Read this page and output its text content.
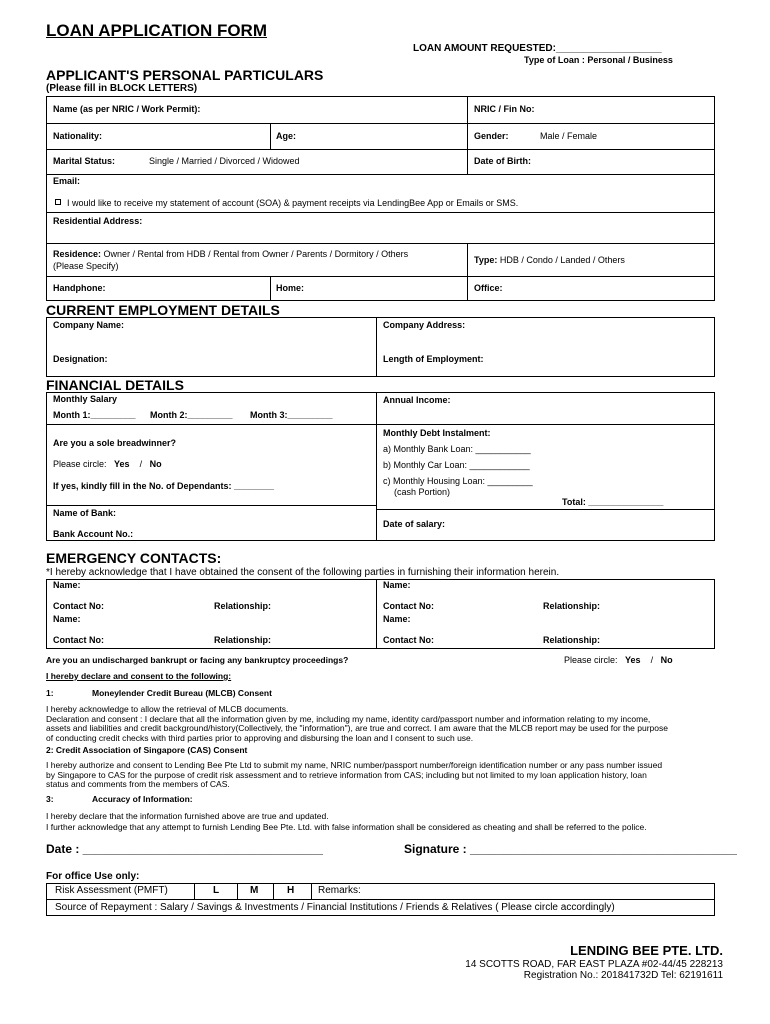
LOAN APPLICATION FORM
LOAN AMOUNT REQUESTED:___________________
Type of Loan : Personal / Business
APPLICANT'S PERSONAL PARTICULARS
(Please fill in BLOCK LETTERS)
Name (as per NRIC / Work Permit):	NRIC / Fin No:
Nationality:	Age:	Gender:	Male / Female
Marital Status:	Single / Married / Divorced / Widowed	Date of Birth:
Email:
I would like to receive my statement of account (SOA) & payment receipts via LendingBee App or Emails or SMS.
Residential Address:
Residence: Owner / Rental from HDB / Rental from Owner / Parents / Dormitory / Others
(Please Specify)
Type: HDB / Condo / Landed / Others
Handphone:	Home:	Office:
CURRENT EMPLOYMENT DETAILS
Company Name:	Company Address:
Designation:	Length of Employment:
FINANCIAL DETAILS
Monthly Salary
Month 1:_________ Month 2:_________ Month 3:_________
Annual Income:
Are you a sole breadwinner?
Please circle: Yes / No
If yes, kindly fill in the No. of Dependants: ________
Monthly Debt Instalment:
a) Monthly Bank Loan: ___________
b) Monthly Car Loan: ____________
c) Monthly Housing Loan: _________
(cash Portion)
Total: _______________
Name of Bank:
Bank Account No.:
Date of salary:
EMERGENCY CONTACTS:
*I hereby acknowledge that I have obtained the consent of the following parties in furnishing their information herein.
Name:	Name:
Contact No:	Relationship:	Contact No:	Relationship:
Name:	Name:
Contact No:	Relationship:	Contact No:	Relationship:
Are you an undischarged bankrupt or facing any bankruptcy proceedings?	Please circle: Yes / No
I hereby declare and consent to the following:
1:	Moneylender Credit Bureau (MLCB) Consent
I hereby acknowledge to allow the retrieval of MLCB documents.
Declaration and consent : I declare that all the information given by me, including my name, identity card/passport number and information relating to my income,
assets and liabilities and credit background/history(Collectively, the "information"), are true and correct. I am aware that the MLCB report may be used for the purpose
of conducting credit checks with third parties prior to approving and disbursing the loan and I consent to such use.
2: Credit Association of Singapore (CAS) Consent
I hereby authorize and consent to Lending Bee Pte Ltd to submit my name, NRIC number/passport number/foreign identification number or any pass number issued
by Singapore to CAS for the purpose of credit risk assessment and to retrieve information from CAS; including but not limited to my loan application history, loan
status and comments from the members of CAS.
3:	Accuracy of Information:
I hereby declare that the information furnished above are true and updated.
I further acknowledge that any attempt to furnish Lending Bee Pte. Ltd. with false information shall be considered as cheating and shall be referred to the police.
Date : ____________________________________	Signature : ________________________________________
For office Use only:
Risk Assessment (PMFT)	L	M	H Remarks:
Source of Repayment : Salary / Savings & Investments / Financial Institutions / Friends & Relatives ( Please circle accordingly)
LENDING BEE PTE. LTD.
14 SCOTTS ROAD, FAR EAST PLAZA #02-44/45 228213
Registration No.: 201841732D Tel: 62191611
